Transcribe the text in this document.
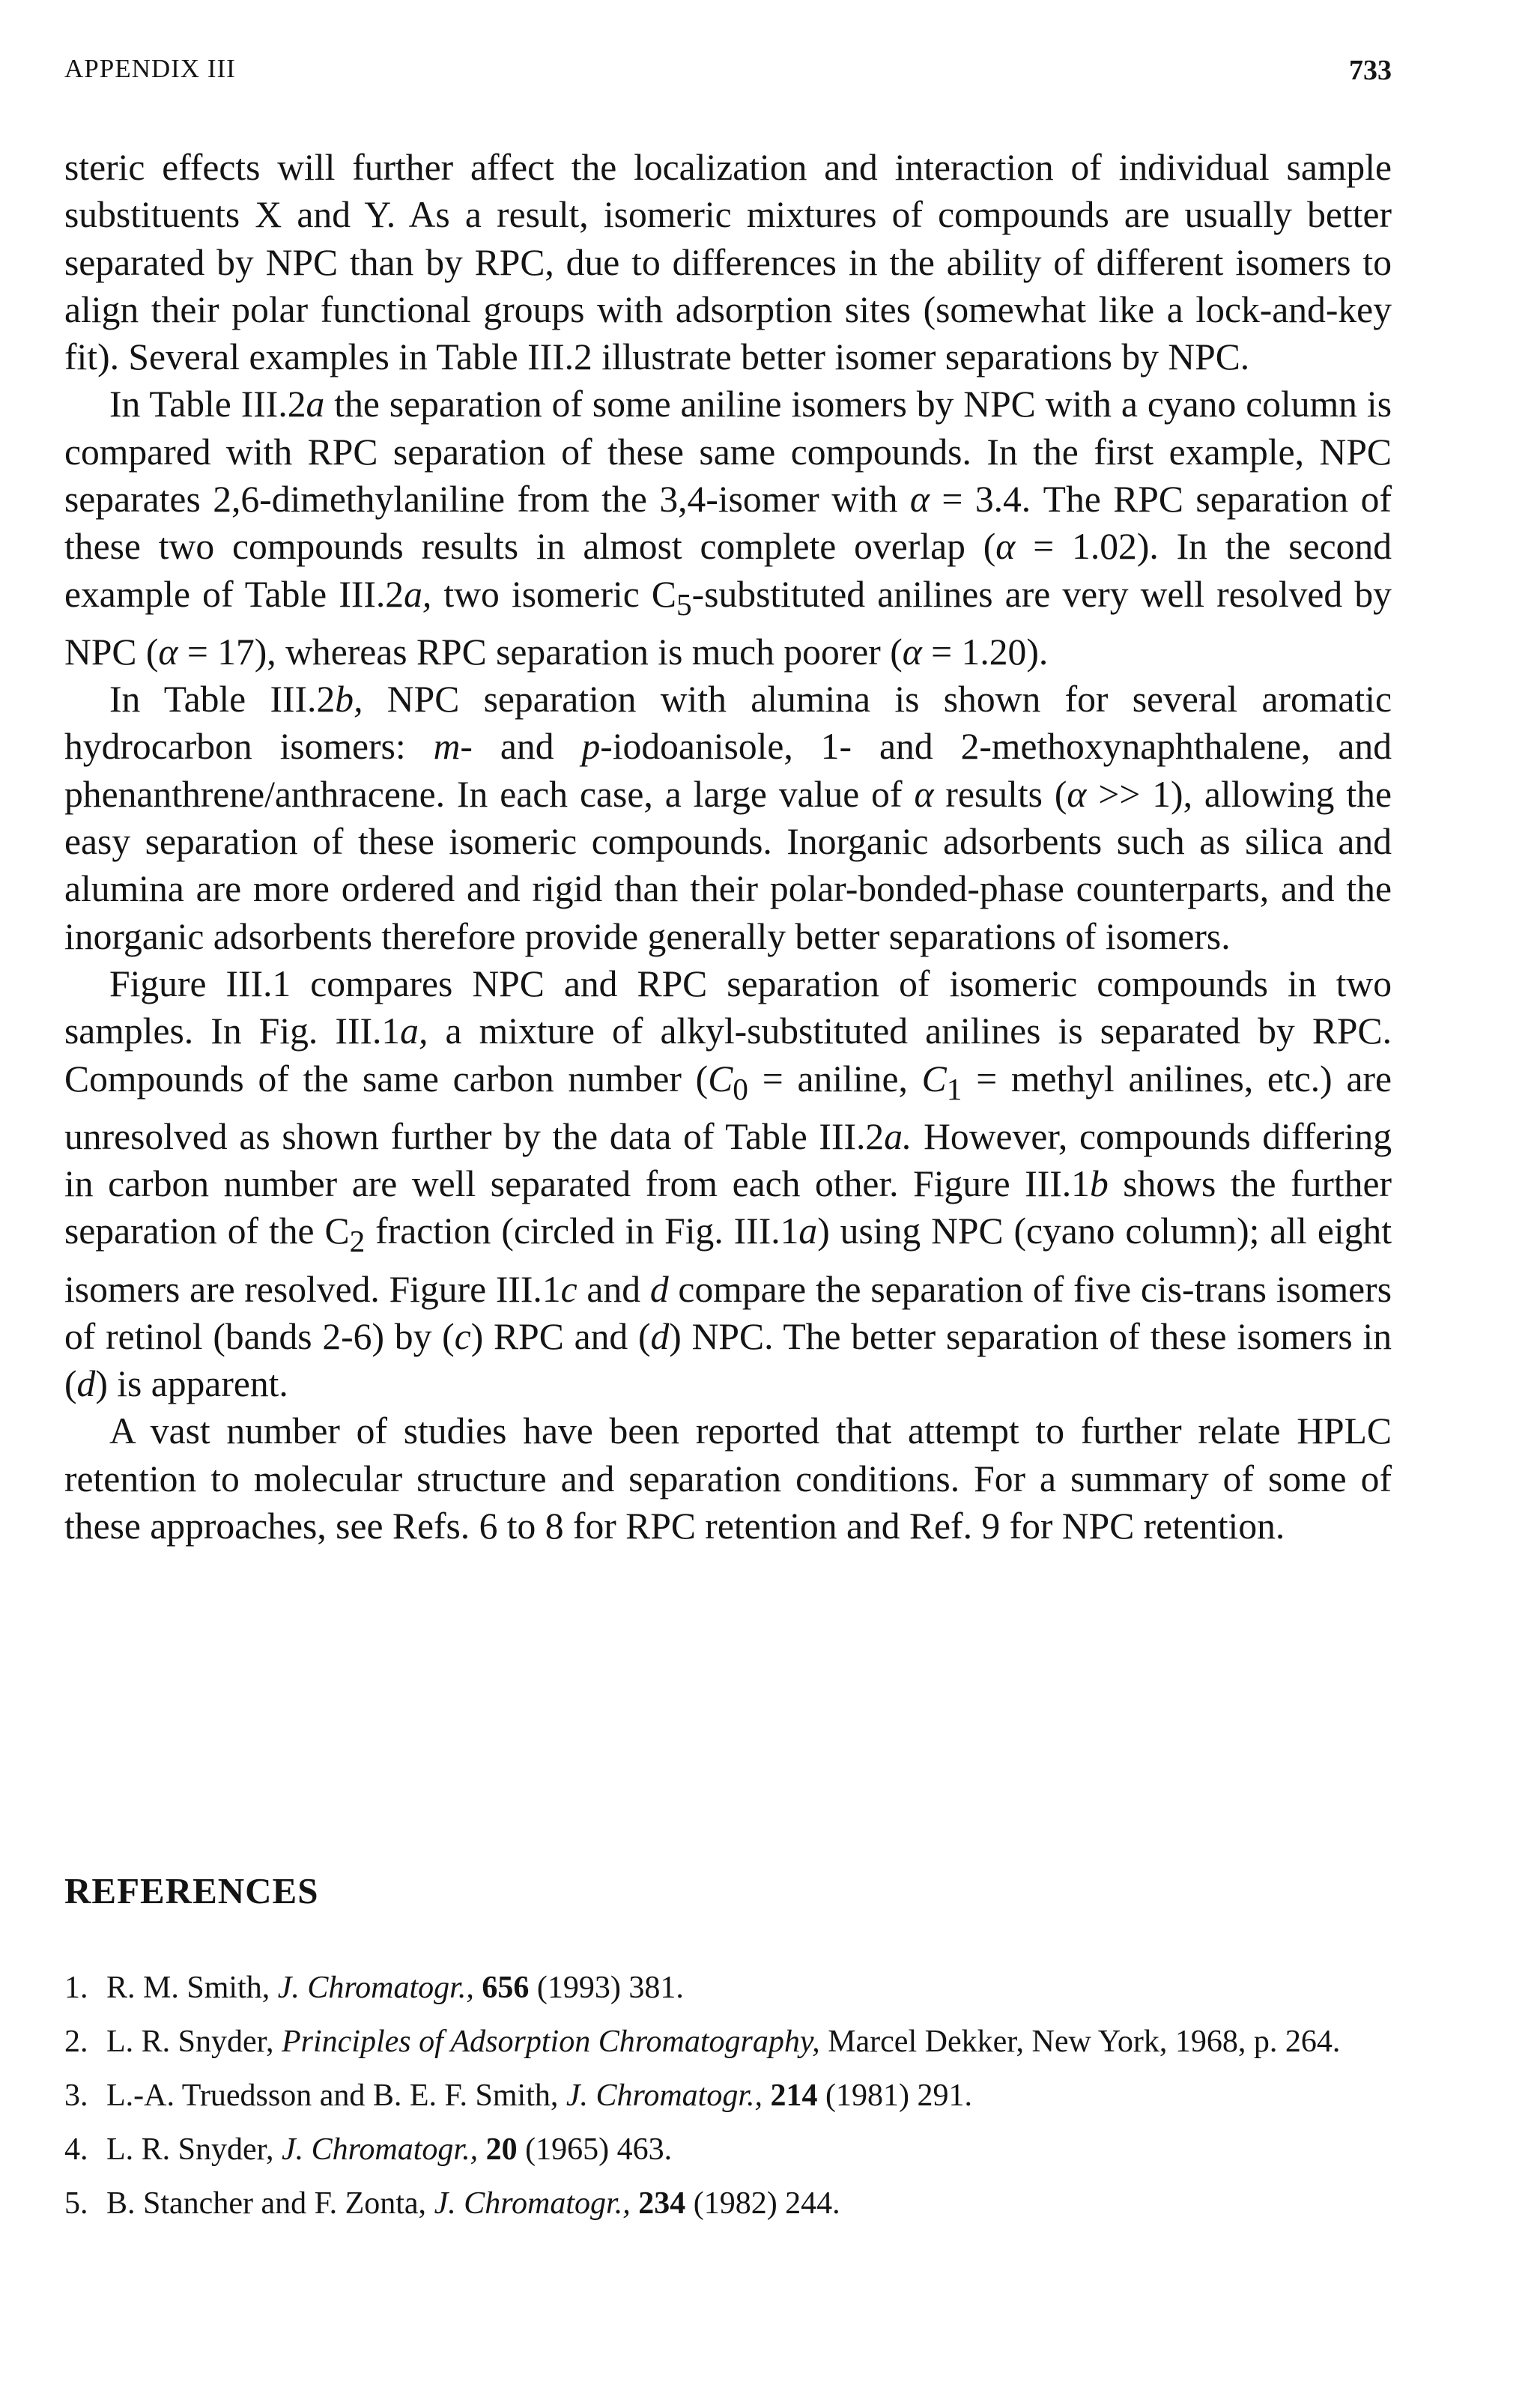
APPENDIX III	733

steric effects will further affect the localization and interaction of individual sample substituents X and Y. As a result, isomeric mixtures of compounds are usually better separated by NPC than by RPC, due to differences in the ability of different isomers to align their polar functional groups with adsorption sites (somewhat like a lock-and-key fit). Several examples in Table III.2 illustrate better isomer separations by NPC.

In Table III.2a the separation of some aniline isomers by NPC with a cyano column is compared with RPC separation of these same compounds. In the first example, NPC separates 2,6-dimethylaniline from the 3,4-isomer with α = 3.4. The RPC separation of these two compounds results in almost complete overlap (α = 1.02). In the second example of Table III.2a, two isomeric $C_5$-substituted anilines are very well resolved by NPC (α = 17), whereas RPC separation is much poorer (α = 1.20).

In Table III.2b, NPC separation with alumina is shown for several aromatic hydrocarbon isomers: m- and p-iodoanisole, 1- and 2-methoxynaphthalene, and phenanthrene/anthracene. In each case, a large value of α results (α >> 1), allowing the easy separation of these isomeric compounds. Inorganic adsorbents such as silica and alumina are more ordered and rigid than their polar-bonded-phase counterparts, and the inorganic adsorbents therefore provide generally better separations of isomers.

Figure III.1 compares NPC and RPC separation of isomeric compounds in two samples. In Fig. III.1a, a mixture of alkyl-substituted anilines is separated by RPC. Compounds of the same carbon number ($C_0$ = aniline, $C_1$ = methyl anilines, etc.) are unresolved as shown further by the data of Table III.2a. However, compounds differing in carbon number are well separated from each other. Figure III.1b shows the further separation of the $C_2$ fraction (circled in Fig. III.1a) using NPC (cyano column); all eight isomers are resolved. Figure III.1c and d compare the separation of five cis-trans isomers of retinol (bands 2-6) by (c) RPC and (d) NPC. The better separation of these isomers in (d) is apparent.

A vast number of studies have been reported that attempt to further relate HPLC retention to molecular structure and separation conditions. For a summary of some of these approaches, see Refs. 6 to 8 for RPC retention and Ref. 9 for NPC retention.

REFERENCES
1. R. M. Smith, J. Chromatogr., 656 (1993) 381.
2. L. R. Snyder, Principles of Adsorption Chromatography, Marcel Dekker, New York, 1968, p. 264.
3. L.-A. Truedsson and B. E. F. Smith, J. Chromatogr., 214 (1981) 291.
4. L. R. Snyder, J. Chromatogr., 20 (1965) 463.
5. B. Stancher and F. Zonta, J. Chromatogr., 234 (1982) 244.
